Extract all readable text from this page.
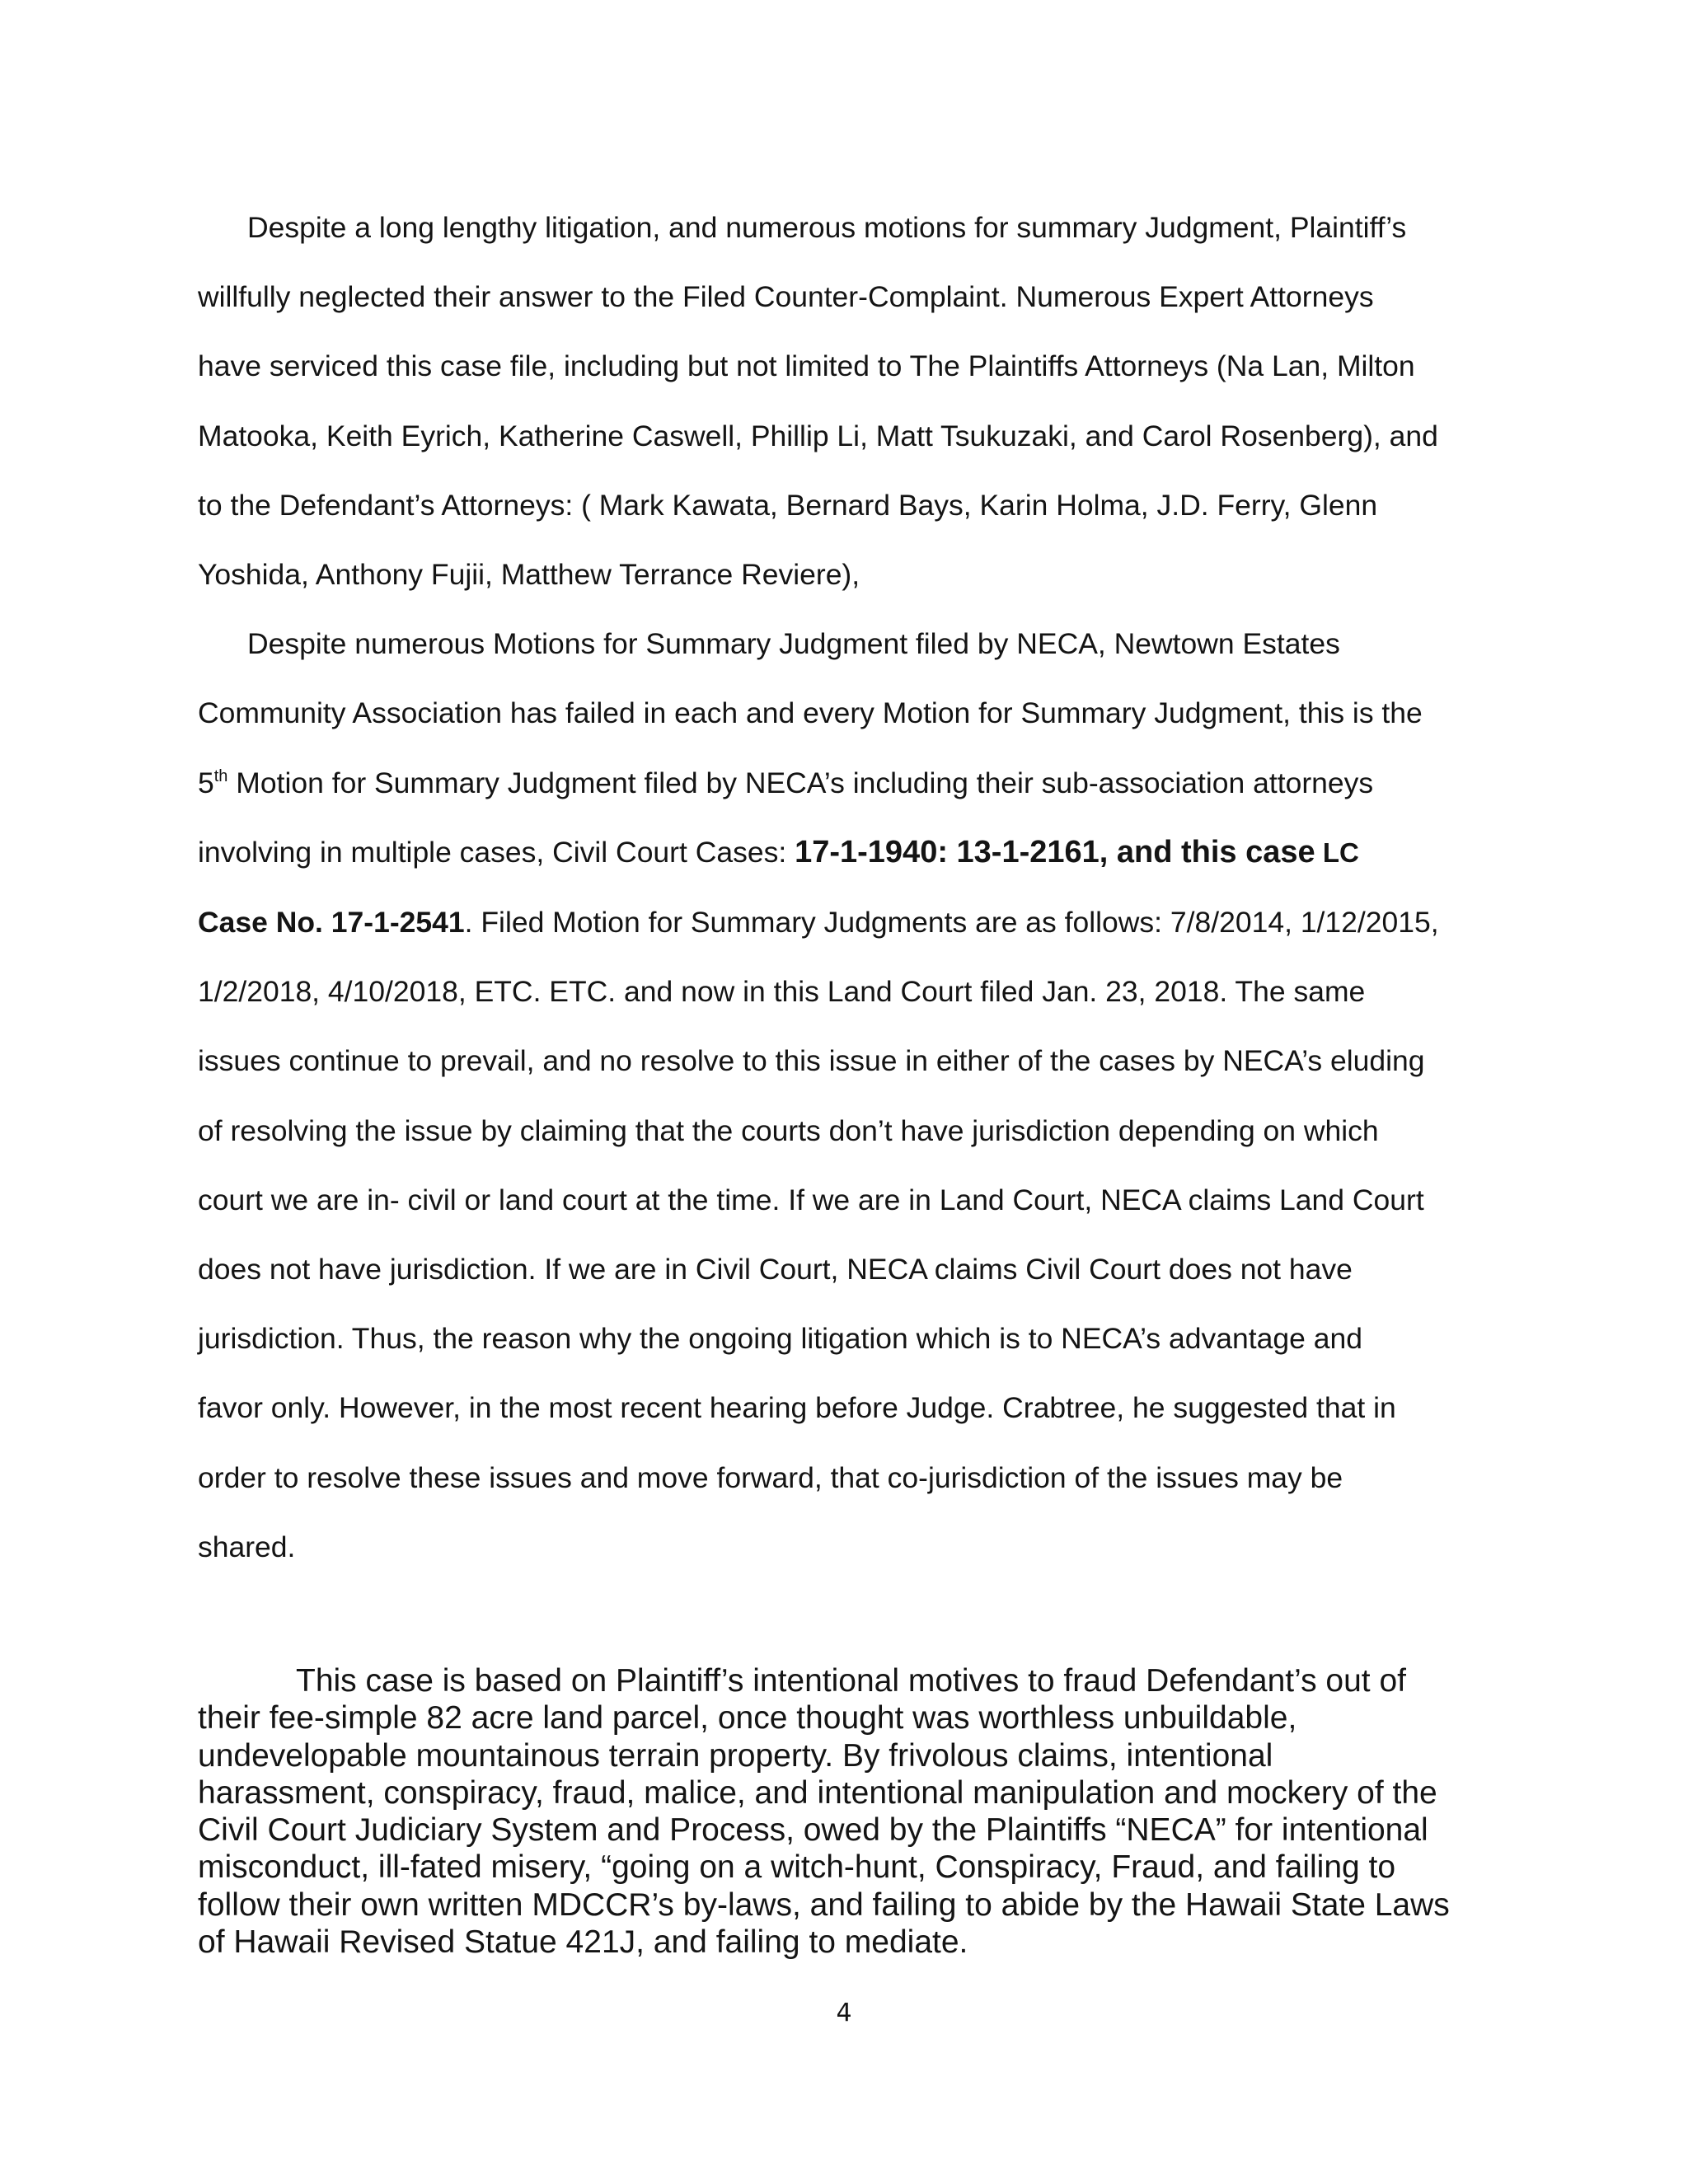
Despite a long lengthy litigation, and numerous motions for summary Judgment, Plaintiff’s

willfully neglected their answer to the Filed Counter-Complaint. Numerous Expert Attorneys

have serviced this case file, including but not limited to The Plaintiffs Attorneys (Na Lan, Milton

Matooka, Keith Eyrich, Katherine Caswell, Phillip Li, Matt Tsukuzaki, and Carol Rosenberg), and

to the Defendant’s Attorneys: ( Mark Kawata, Bernard Bays, Karin Holma, J.D. Ferry, Glenn

Yoshida, Anthony Fujii, Matthew Terrance Reviere),

Despite numerous Motions for Summary Judgment filed by NECA, Newtown Estates

Community Association has failed in each and every Motion for Summary Judgment, this is the

5th Motion for Summary Judgment filed by NECA’s including their sub-association attorneys

involving in multiple cases, Civil Court Cases: 17-1-1940: 13-1-2161, and this case LC

Case No. 17-1-2541. Filed Motion for Summary Judgments are as follows: 7/8/2014, 1/12/2015,

1/2/2018, 4/10/2018, ETC. ETC. and now in this Land Court filed Jan. 23, 2018. The same

issues continue to prevail, and no resolve to this issue in either of the cases by NECA’s eluding

of resolving the issue by claiming that the courts don’t have jurisdiction depending on which

court we are in- civil or land court at the time. If we are in Land Court, NECA claims Land Court

does not have jurisdiction. If we are in Civil Court, NECA claims Civil Court does not have

jurisdiction. Thus, the reason why the ongoing litigation which is to NECA’s advantage and

favor only. However, in the most recent hearing before Judge. Crabtree, he suggested that in

order to resolve these issues and move forward, that co-jurisdiction of the issues may be

shared.

This case is based on Plaintiff’s intentional motives to fraud Defendant’s out of

their fee-simple 82 acre land parcel, once thought was worthless unbuildable,

undevelopable mountainous terrain property. By frivolous claims, intentional

harassment, conspiracy, fraud, malice, and intentional manipulation and mockery of the

Civil Court Judiciary System and Process, owed by the Plaintiffs “NECA” for intentional

misconduct, ill-fated misery, “going on a witch-hunt, Conspiracy, Fraud, and failing to

follow their own written MDCCR’s by-laws, and failing to abide by the Hawaii State Laws

of Hawaii Revised Statue 421J, and failing to mediate.

4
